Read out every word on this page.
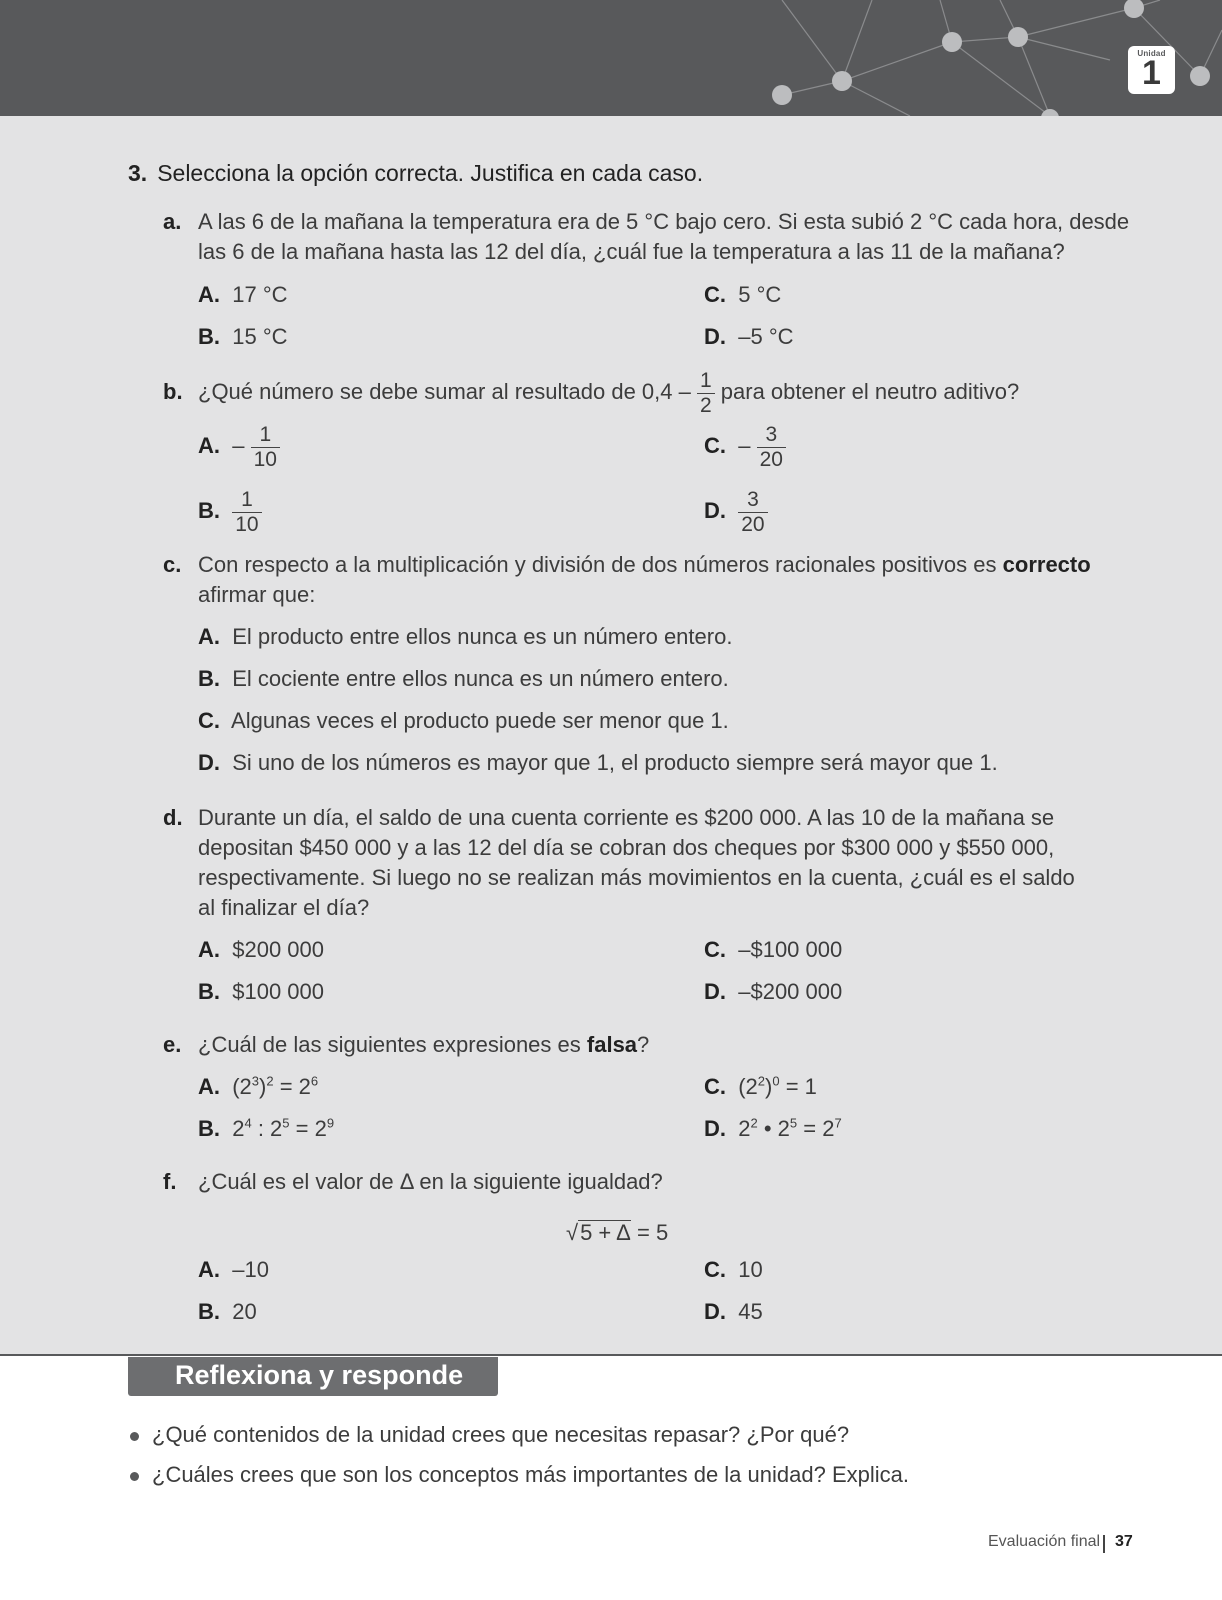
Unidad
1
3. Selecciona la opción correcta. Justifica en cada caso.
a. A las 6 de la mañana la temperatura era de 5 °C bajo cero. Si esta subió 2 °C cada hora, desde
las 6 de la mañana hasta las 12 del día, ¿cuál fue la temperatura a las 11 de la mañana?
A. 17 °C
B. 15 °C
C. 5 °C
D. –5 °C
b. ¿Qué número se debe sumar al resultado de $0,4 - \frac{1}{2}$ para obtener el neutro aditivo?
A. – $\frac{1}{10}$
B. $\frac{1}{10}$
C. – $\frac{3}{20}$
D. $\frac{3}{20}$
c. Con respecto a la multiplicación y división de dos números racionales positivos es correcto
afirmar que:
A. El producto entre ellos nunca es un número entero.
B. El cociente entre ellos nunca es un número entero.
C. Algunas veces el producto puede ser menor que 1.
D. Si uno de los números es mayor que 1, el producto siempre será mayor que 1.
d. Durante un día, el saldo de una cuenta corriente es $200 000. A las 10 de la mañana se
depositan $450 000 y a las 12 del día se cobran dos cheques por $300 000 y $550 000,
respectivamente. Si luego no se realizan más movimientos en la cuenta, ¿cuál es el saldo
al finalizar el día?
A. $200 000
B. $100 000
C. –$100 000
D. –$200 000
e. ¿Cuál de las siguientes expresiones es falsa?
A. $(2^3)^2 = 2^6$
B. $2^4$ : $2^5 = 2^9$
C. $(2^2)^0 = 1$
D. $2^2$ • $2^5 = 2^7$
f. ¿Cuál es el valor de Δ en la siguiente igualdad?
√5 + Δ = 5
A. –10
B. 20
C. 10
D. 45
Reflexiona y responde
¿Qué contenidos de la unidad crees que necesitas repasar? ¿Por qué?
¿Cuáles crees que son los conceptos más importantes de la unidad? Explica.
Evaluación final 37
